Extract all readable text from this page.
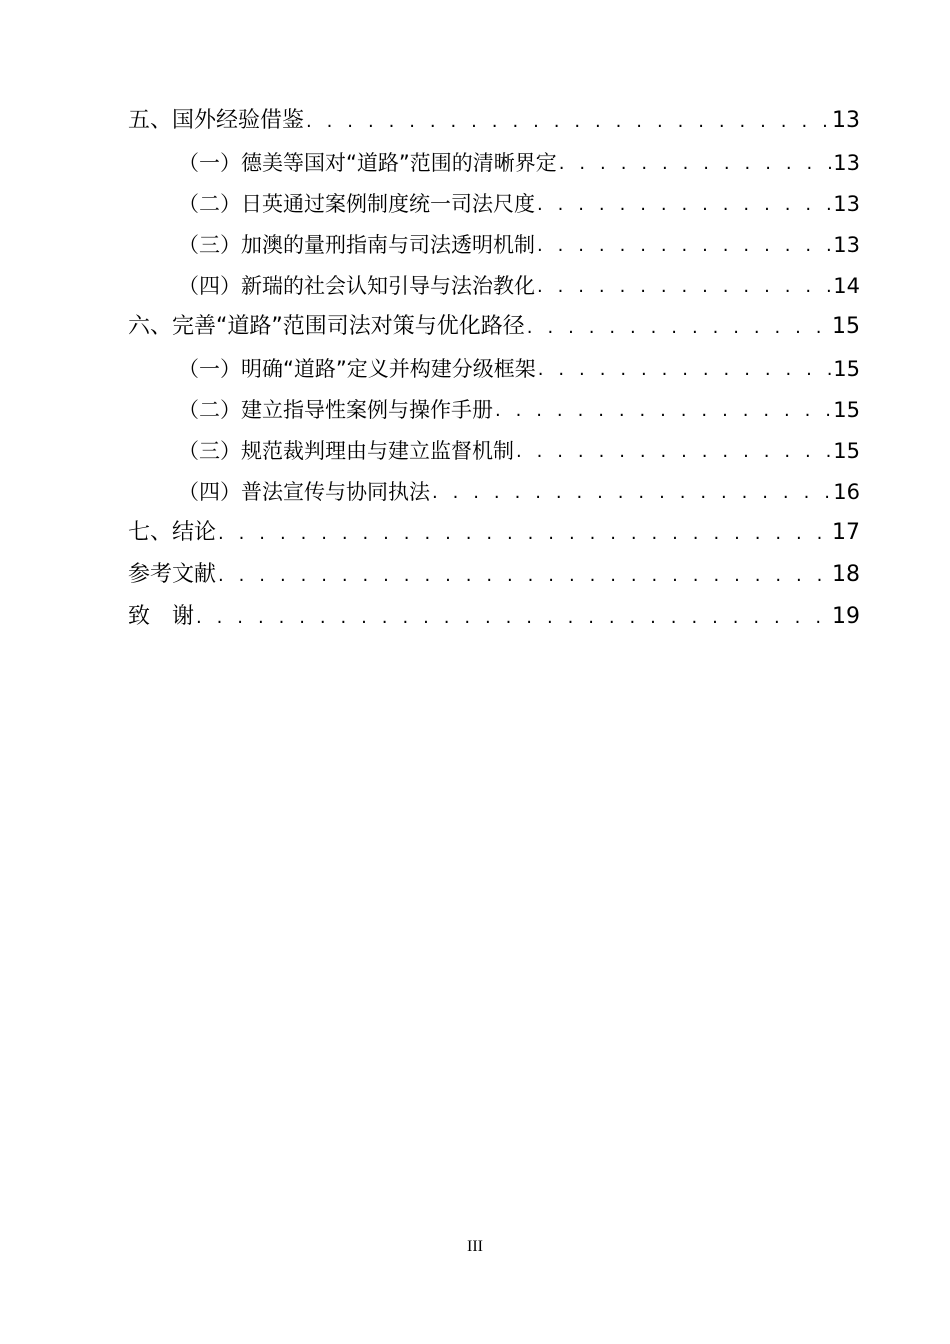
五、国外经验借鉴 . . .	13
（一）德美等国对“道路”范围的清晰界定 . . .	13
（二）日英通过案例制度统一司法尺度 . . .	13
（三）加澳的量刑指南与司法透明机制 . . .	13
（四）新瑞的社会认知引导与法治教化 . . .	14
六、完善“道路”范围司法对策与优化路径 . . .	15
（一）明确“道路”定义并构建分级框架 . . .	15
（二）建立指导性案例与操作手册 . . .	15
（三）规范裁判理由与建立监督机制 . . .	15
（四）普法宣传与协同执法 . . .	16
七、结论 . . .	17
参考文献 . . .	18
致　谢 . . .	19
III
